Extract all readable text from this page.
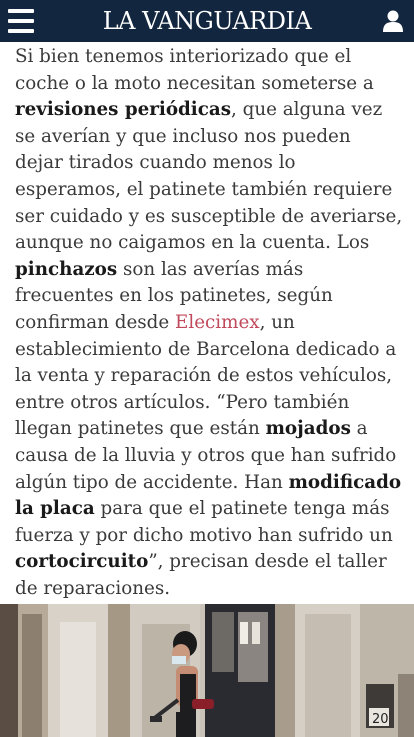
LA VANGUARDIA

Si bien tenemos interiorizado que el coche o la moto necesitan someterse a revisiones periódicas, que alguna vez se averían y que incluso nos pueden dejar tirados cuando menos lo esperamos, el patinete también requiere ser cuidado y es susceptible de averiarse, aunque no caigamos en la cuenta. Los pinchazos son las averías más frecuentes en los patinetes, según confirman desde Elecimex, un establecimiento de Barcelona dedicado a la venta y reparación de estos vehículos, entre otros artículos. “Pero también llegan patinetes que están mojados a causa de la lluvia y otros que han sufrido algún tipo de accidente. Han modificado la placa para que el patinete tenga más fuerza y por dicho motivo han sufrido un cortocircuito”, precisan desde el taller de reparaciones.

20
